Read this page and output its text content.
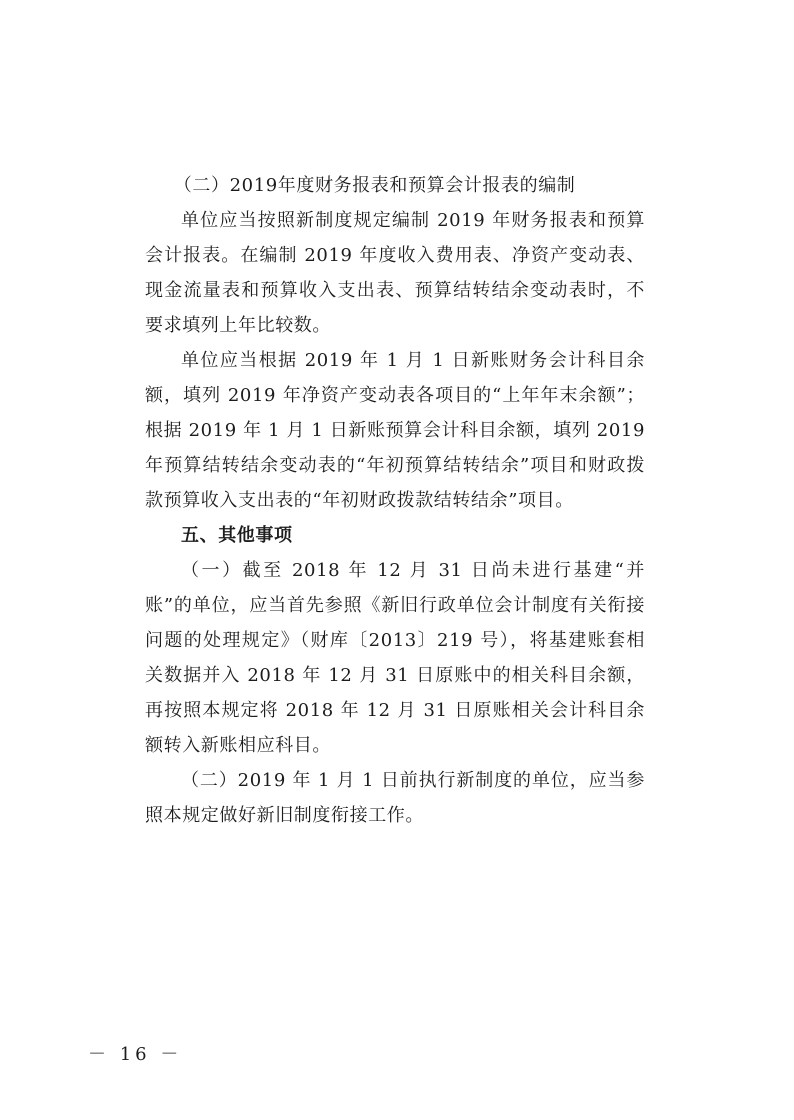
（二）2019年度财务报表和预算会计报表的编制

单位应当按照新制度规定编制 2019 年财务报表和预算会计报表。在编制 2019 年度收入费用表、净资产变动表、现金流量表和预算收入支出表、预算结转结余变动表时，不要求填列上年比较数。

单位应当根据 2019 年 1 月 1 日新账财务会计科目余额，填列 2019 年净资产变动表各项目的“上年年末余额”；根据 2019 年 1 月 1 日新账预算会计科目余额，填列 2019 年预算结转结余变动表的“年初预算结转结余”项目和财政拨款预算收入支出表的“年初财政拨款结转结余”项目。

五、其他事项

（一）截至 2018 年 12 月 31 日尚未进行基建“并账”的单位，应当首先参照《新旧行政单位会计制度有关衔接问题的处理规定》（财库〔2013〕219 号），将基建账套相关数据并入 2018 年 12 月 31 日原账中的相关科目余额，再按照本规定将 2018 年 12 月 31 日原账相关会计科目余额转入新账相应科目。

（二）2019 年 1 月 1 日前执行新制度的单位，应当参照本规定做好新旧制度衔接工作。

－ 16 －
